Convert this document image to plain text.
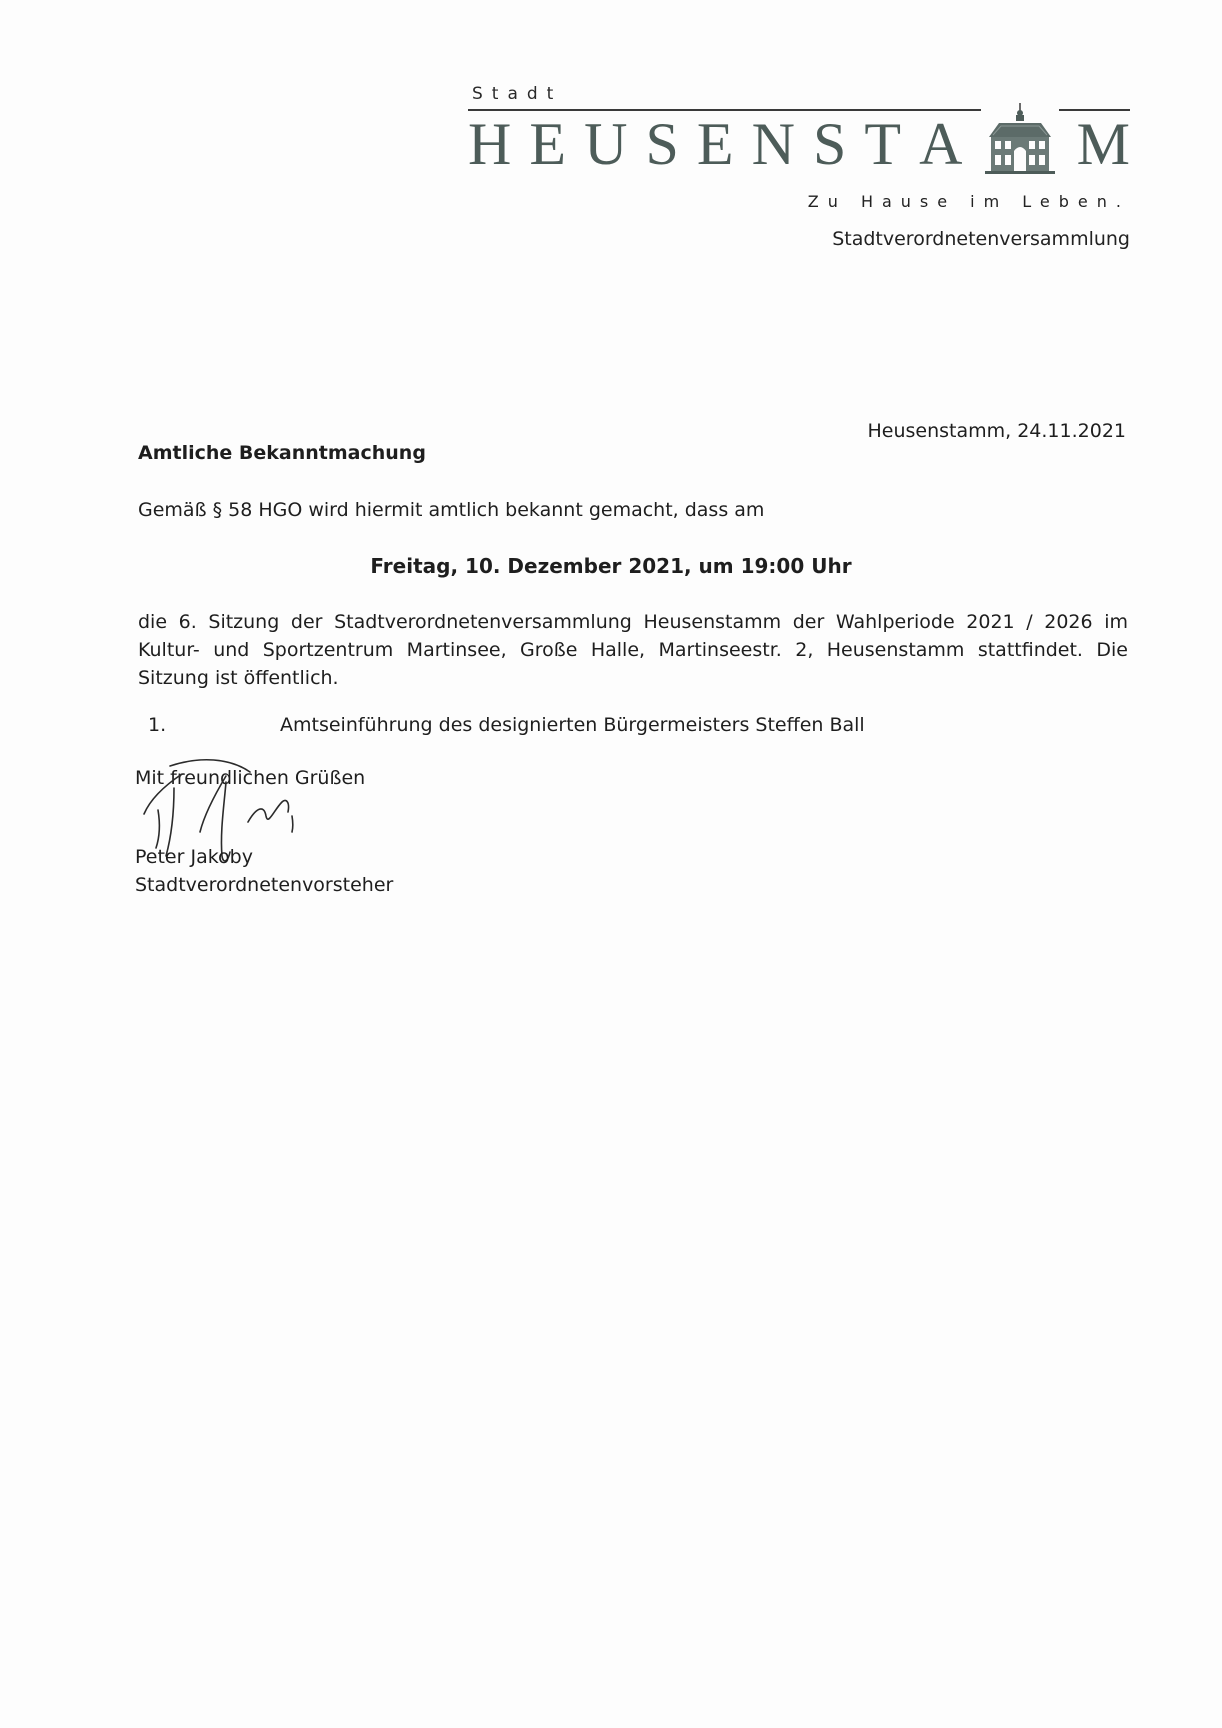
Stadt
H E U S E N S T A M
Zu Hause im Leben.
Stadtverordnetenversammlung
Heusenstamm, 24.11.2021
Amtliche Bekanntmachung
Gemäß § 58 HGO wird hiermit amtlich bekannt gemacht, dass am
Freitag, 10. Dezember 2021, um 19:00 Uhr
die 6. Sitzung der Stadtverordnetenversammlung Heusenstamm der Wahlperiode 2021 / 2026 im Kultur- und Sportzentrum Martinsee, Große Halle, Martinseestr. 2, Heusenstamm stattfindet. Die Sitzung ist öffentlich.
1.	Amtseinführung des designierten Bürgermeisters Steffen Ball
Mit freundlichen Grüßen
Peter Jakoby
Stadtverordnetenvorsteher
